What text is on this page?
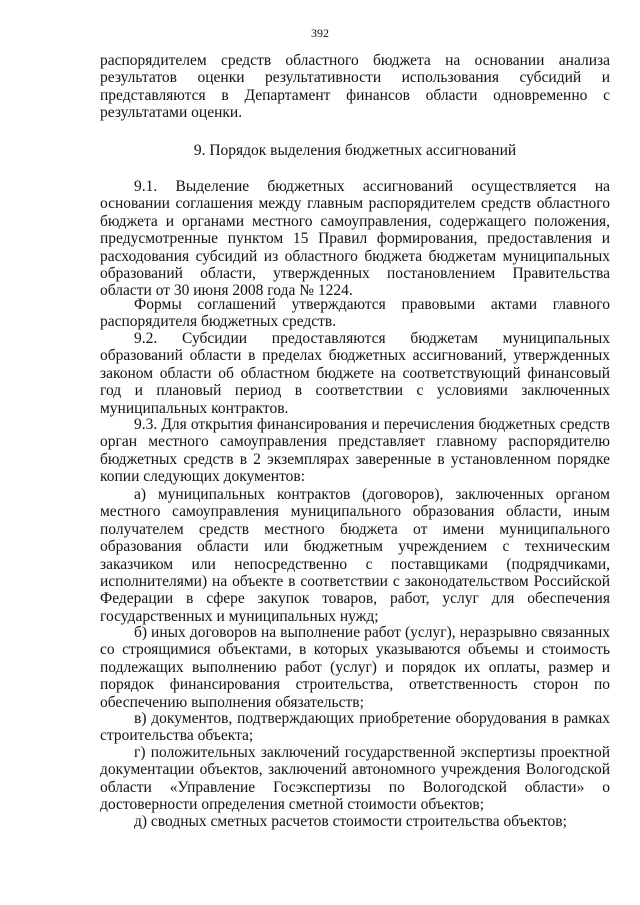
392

распорядителем средств областного бюджета на основании анализа результатов оценки результативности использования субсидий и представляются в Департамент финансов области одновременно с результатами оценки.

9. Порядок выделения бюджетных ассигнований

9.1. Выделение бюджетных ассигнований осуществляется на основании соглашения между главным распорядителем средств областного бюджета и органами местного самоуправления, содержащего положения, предусмотренные пунктом 15 Правил формирования, предоставления и расходования субсидий из областного бюджета бюджетам муниципальных образований области, утвержденных постановлением Правительства области от 30 июня 2008 года № 1224.

Формы соглашений утверждаются правовыми актами главного распорядителя бюджетных средств.

9.2. Субсидии предоставляются бюджетам муниципальных образований области в пределах бюджетных ассигнований, утвержденных законом области об областном бюджете на соответствующий финансовый год и плановый период в соответствии с условиями заключенных муниципальных контрактов.

9.3. Для открытия финансирования и перечисления бюджетных средств орган местного самоуправления представляет главному распорядителю бюджетных средств в 2 экземплярах заверенные в установленном порядке копии следующих документов:

а) муниципальных контрактов (договоров), заключенных органом местного самоуправления муниципального образования области, иным получателем средств местного бюджета от имени муниципального образования области или бюджетным учреждением с техническим заказчиком или непосредственно с поставщиками (подрядчиками, исполнителями) на объекте в соответствии с законодательством Российской Федерации в сфере закупок товаров, работ, услуг для обеспечения государственных и муниципальных нужд;

б) иных договоров на выполнение работ (услуг), неразрывно связанных со строящимися объектами, в которых указываются объемы и стоимость подлежащих выполнению работ (услуг) и порядок их оплаты, размер и порядок финансирования строительства, ответственность сторон по обеспечению выполнения обязательств;

в) документов, подтверждающих приобретение оборудования в рамках строительства объекта;

г) положительных заключений государственной экспертизы проектной документации объектов, заключений автономного учреждения Вологодской области «Управление Госэкспертизы по Вологодской области» о достоверности определения сметной стоимости объектов;

д) сводных сметных расчетов стоимости строительства объектов;
